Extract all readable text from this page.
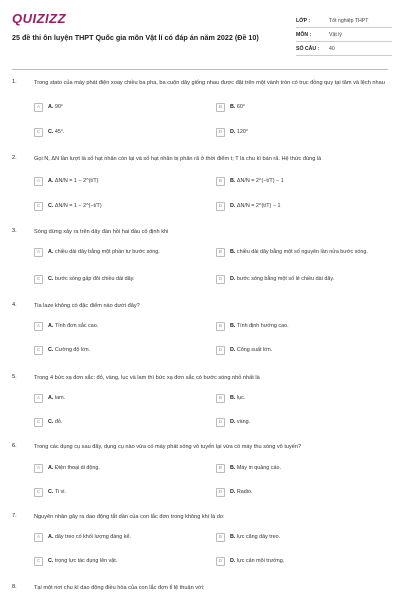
QUIZIZZ
25 đề thi ôn luyện THPT Quốc gia môn Vật lí có đáp án năm 2022 (Đề 10)
LỚP :	Tốt nghiệp THPT
MÔN :	Vật lý
SỐ CÂU :	40
1.	Trong stato của máy phát điện xoay chiều ba pha, ba cuộn dây giống nhau được đặt trên một vành tròn có trục đồng quy tại tâm và lệch nhau
A	A. 90°	B	B. 60°
C	C. 45°.	D	D. 120°
2.	Gọi N, ΔN lần lượt là số hạt nhân còn lại và số hạt nhân bị phân rã ở thời điểm t; T là chu kì bán rã. Hệ thức đúng là
A	A. ΔN/N = 1 − 2^(t/T)	B	B. ΔN/N = 2^(−t/T) − 1
C	C. ΔN/N = 1 − 2^(−t/T)	D	D. ΔN/N = 2^(t/T) − 1
3.	Sóng dừng xảy ra trên dây đàn hồi hai đầu cố định khi
A	A. chiều dài dây bằng một phần tư bước sóng.	B	B. chiều dài dây bằng một số nguyên lần nửa bước sóng.
C	C. bước sóng gấp đôi chiều dài dây.	D	D. bước sóng bằng một số lẻ chiều dài dây.
4.	Tia laze không có đặc điểm nào dưới đây?
A	A. Tính đơn sắc cao.	B	B. Tính định hướng cao.
C	C. Cường độ lớn.	D	D. Công suất lớn.
5.	Trong 4 bức xạ đơn sắc: đỏ, vàng, lục và lam thì bức xạ đơn sắc có bước sóng nhỏ nhất là
A	A. lam.	B	B. lục.
C	C. đỏ.	D	D. vàng.
6.	Trong các dụng cụ sau đây, dụng cụ nào vừa có máy phát sóng vô tuyến lại vừa có máy thu sóng vô tuyến?
A	A. Điện thoại di động.	B	B. Máy in quảng cáo.
C	C. Ti vi.	D	D. Radio.
7.	Nguyên nhân gây ra dao động tắt dần của con lắc đơn trong không khí là do:
A	A. dây treo có khối lượng đáng kể.	B	B. lực căng dây treo.
C	C. trọng lực tác dụng lên vật.	D	D. lực cản môi trường.
8.	Tại một nơi chu kì dao động điều hòa của con lắc đơn tỉ lệ thuận với:
